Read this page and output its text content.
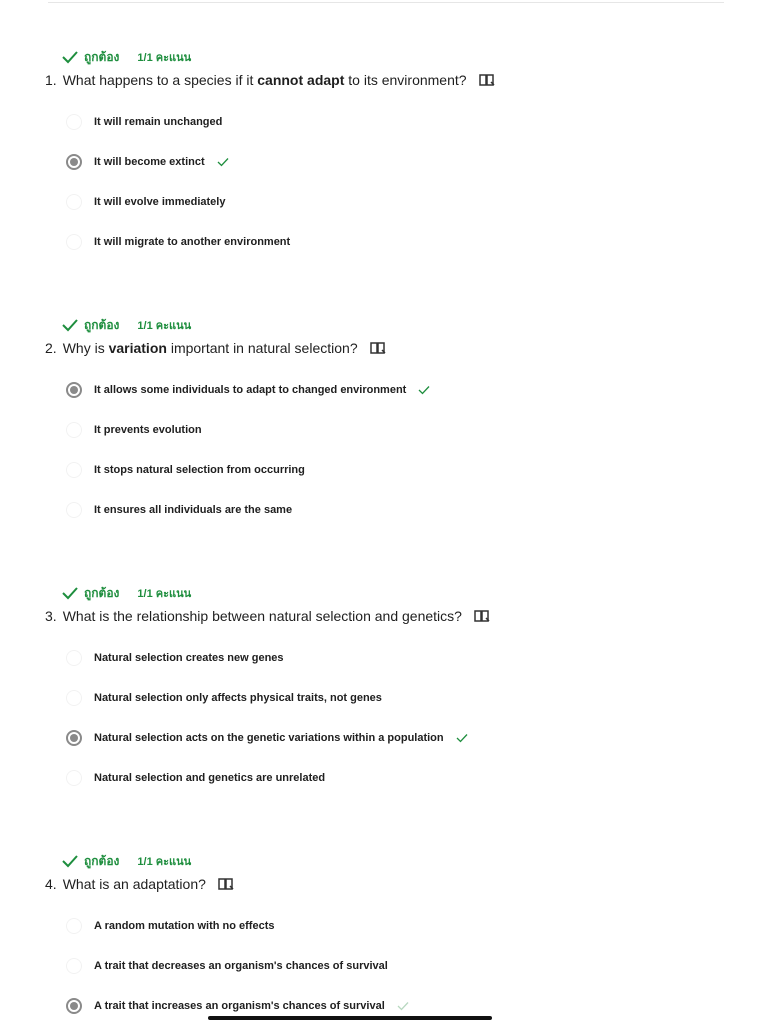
ถูกต้อง 1/1 คะแนน
1. What happens to a species if it cannot adapt to its environment?
It will remain unchanged
It will become extinct
It will evolve immediately
It will migrate to another environment
ถูกต้อง 1/1 คะแนน
2. Why is variation important in natural selection?
It allows some individuals to adapt to changed environment
It prevents evolution
It stops natural selection from occurring
It ensures all individuals are the same
ถูกต้อง 1/1 คะแนน
3. What is the relationship between natural selection and genetics?
Natural selection creates new genes
Natural selection only affects physical traits, not genes
Natural selection acts on the genetic variations within a population
Natural selection and genetics are unrelated
ถูกต้อง 1/1 คะแนน
4. What is an adaptation?
A random mutation with no effects
A trait that decreases an organism's chances of survival
A trait that increases an organism's chances of survival
